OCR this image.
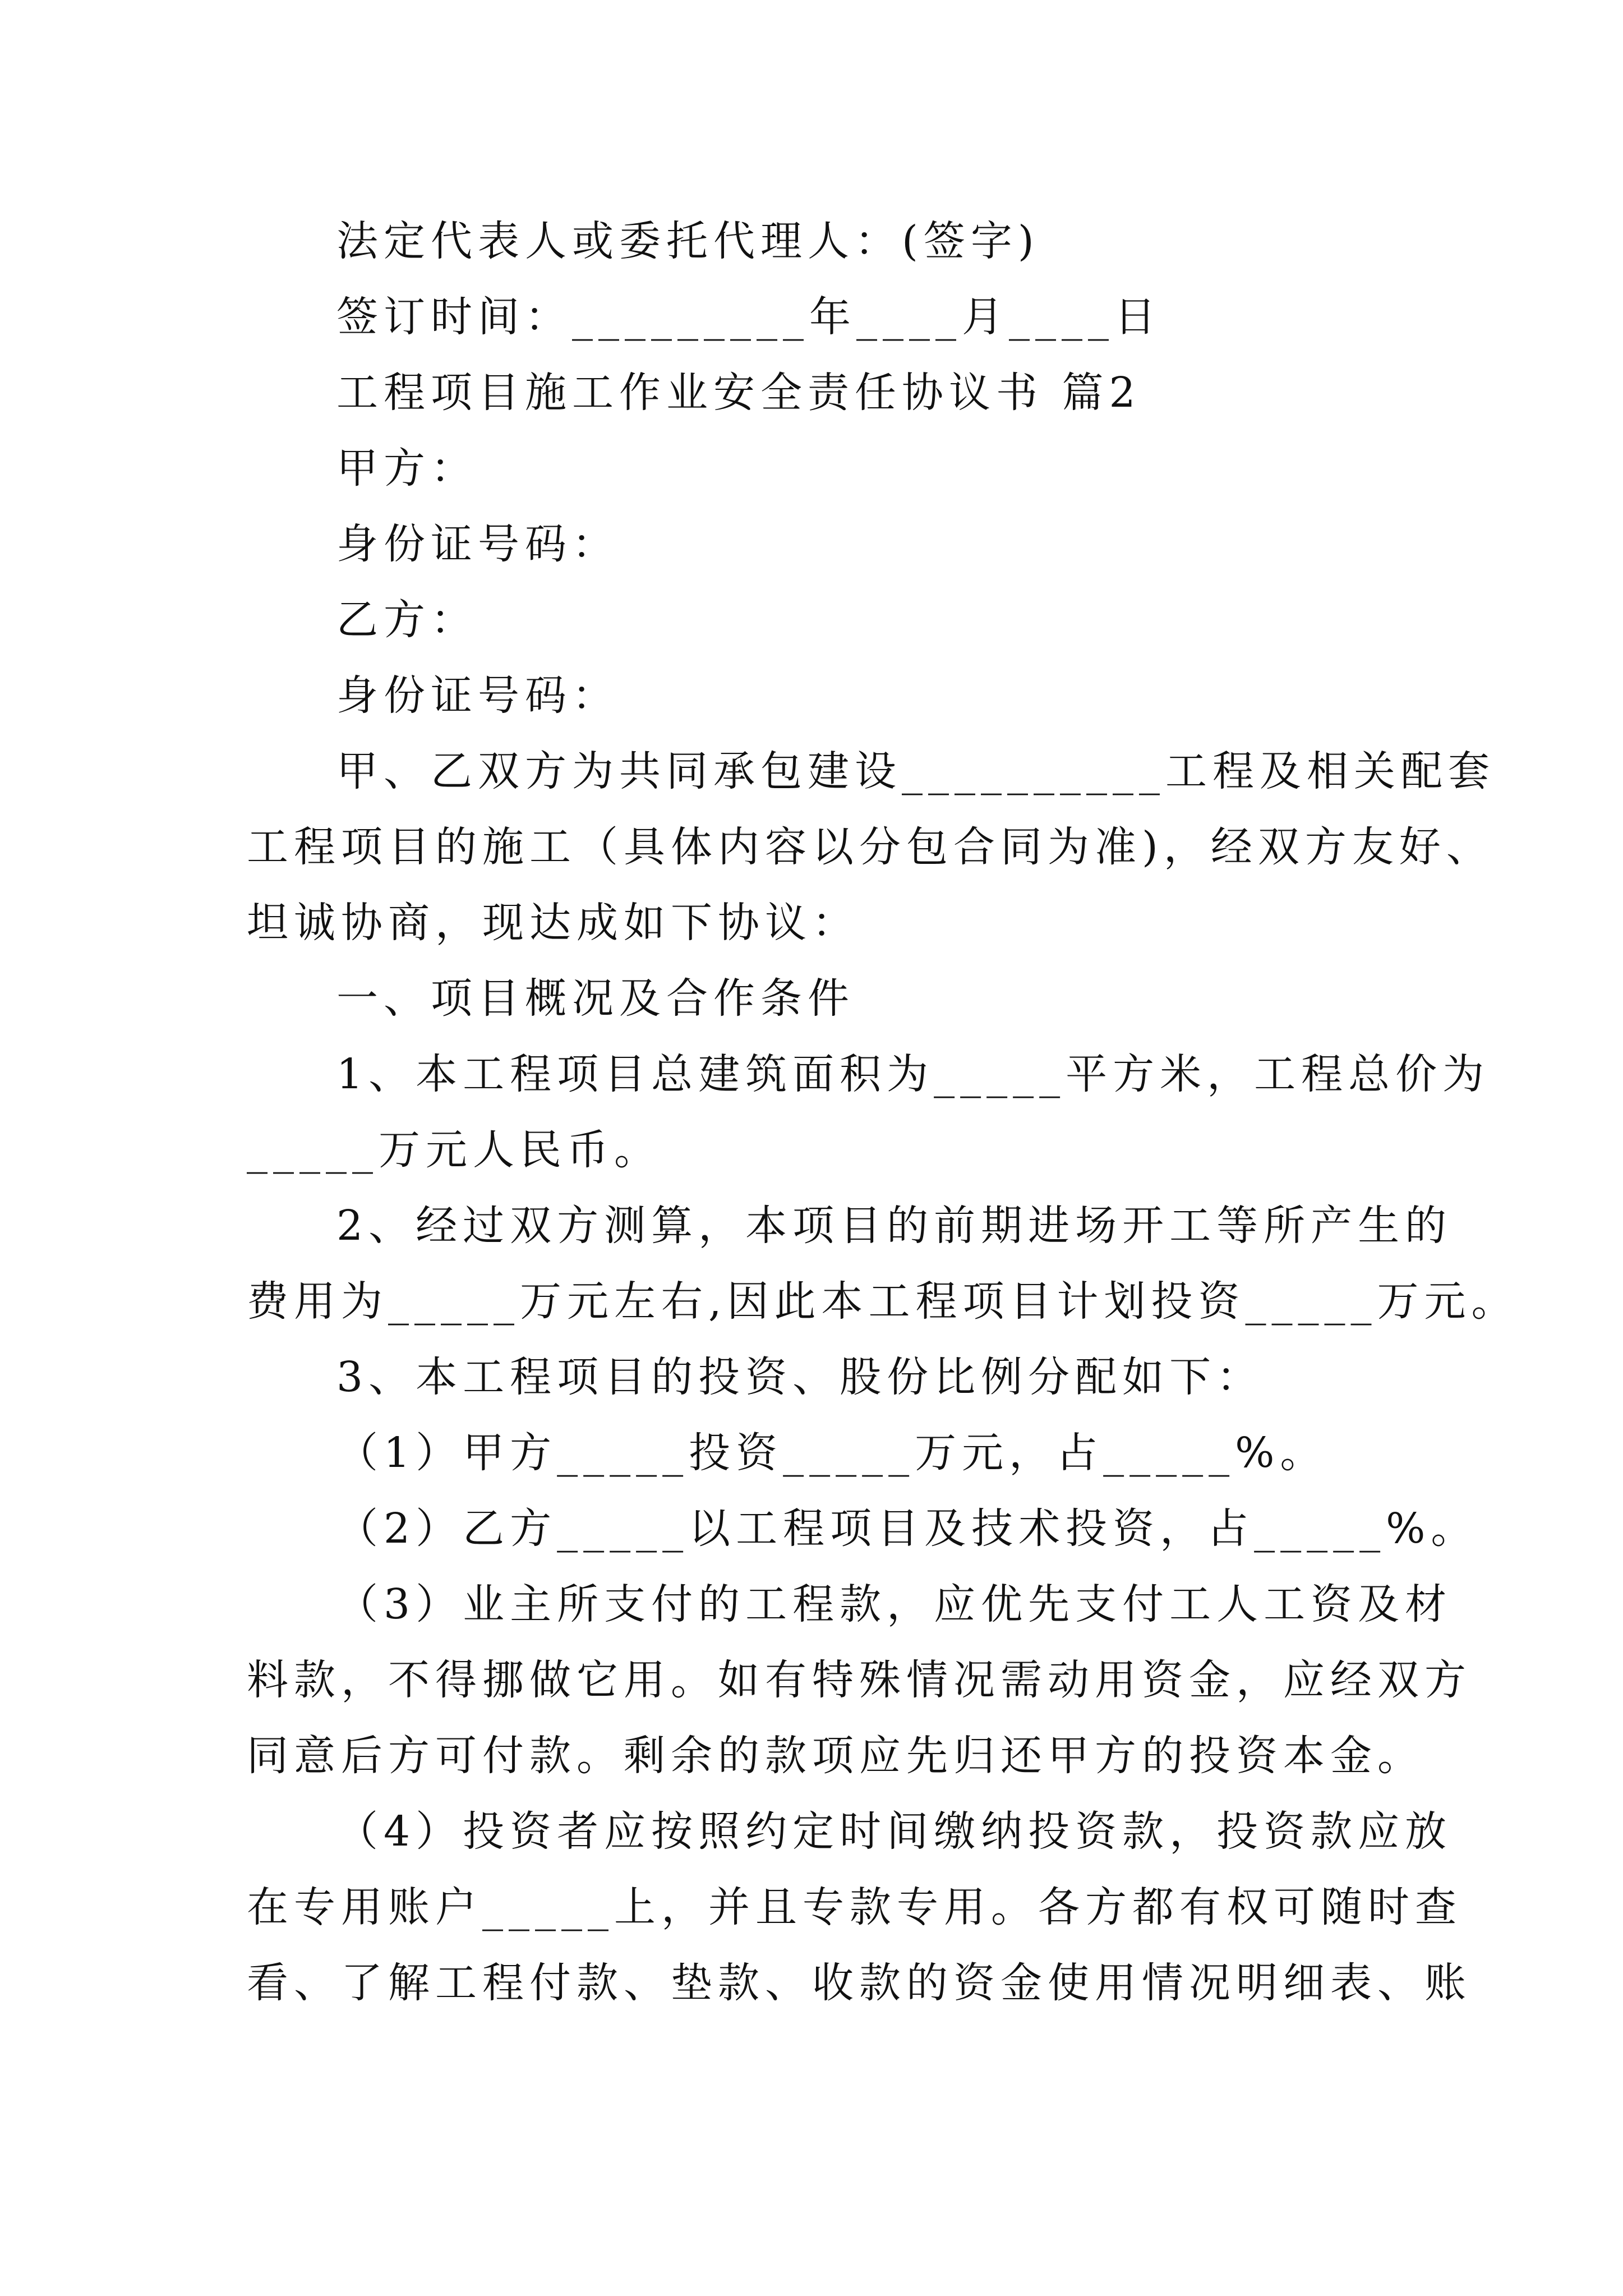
法定代表人或委托代理人：(签字)
签订时间：_________年____月____日
工程项目施工作业安全责任协议书 篇2
甲方：
身份证号码：
乙方：
身份证号码：
甲、乙双方为共同承包建设__________工程及相关配套
工程项目的施工（具体内容以分包合同为准)，经双方友好、
坦诚协商，现达成如下协议：
一、项目概况及合作条件
1、本工程项目总建筑面积为_____平方米，工程总价为
_____万元人民币。
2、经过双方测算，本项目的前期进场开工等所产生的
费用为_____万元左右,因此本工程项目计划投资_____万元。
3、本工程项目的投资、股份比例分配如下：
（1）甲方_____投资_____万元，占_____%。
（2）乙方_____以工程项目及技术投资，占_____%。
（3）业主所支付的工程款，应优先支付工人工资及材
料款，不得挪做它用。如有特殊情况需动用资金，应经双方
同意后方可付款。剩余的款项应先归还甲方的投资本金。
（4）投资者应按照约定时间缴纳投资款，投资款应放
在专用账户_____上，并且专款专用。各方都有权可随时查
看、了解工程付款、垫款、收款的资金使用情况明细表、账
